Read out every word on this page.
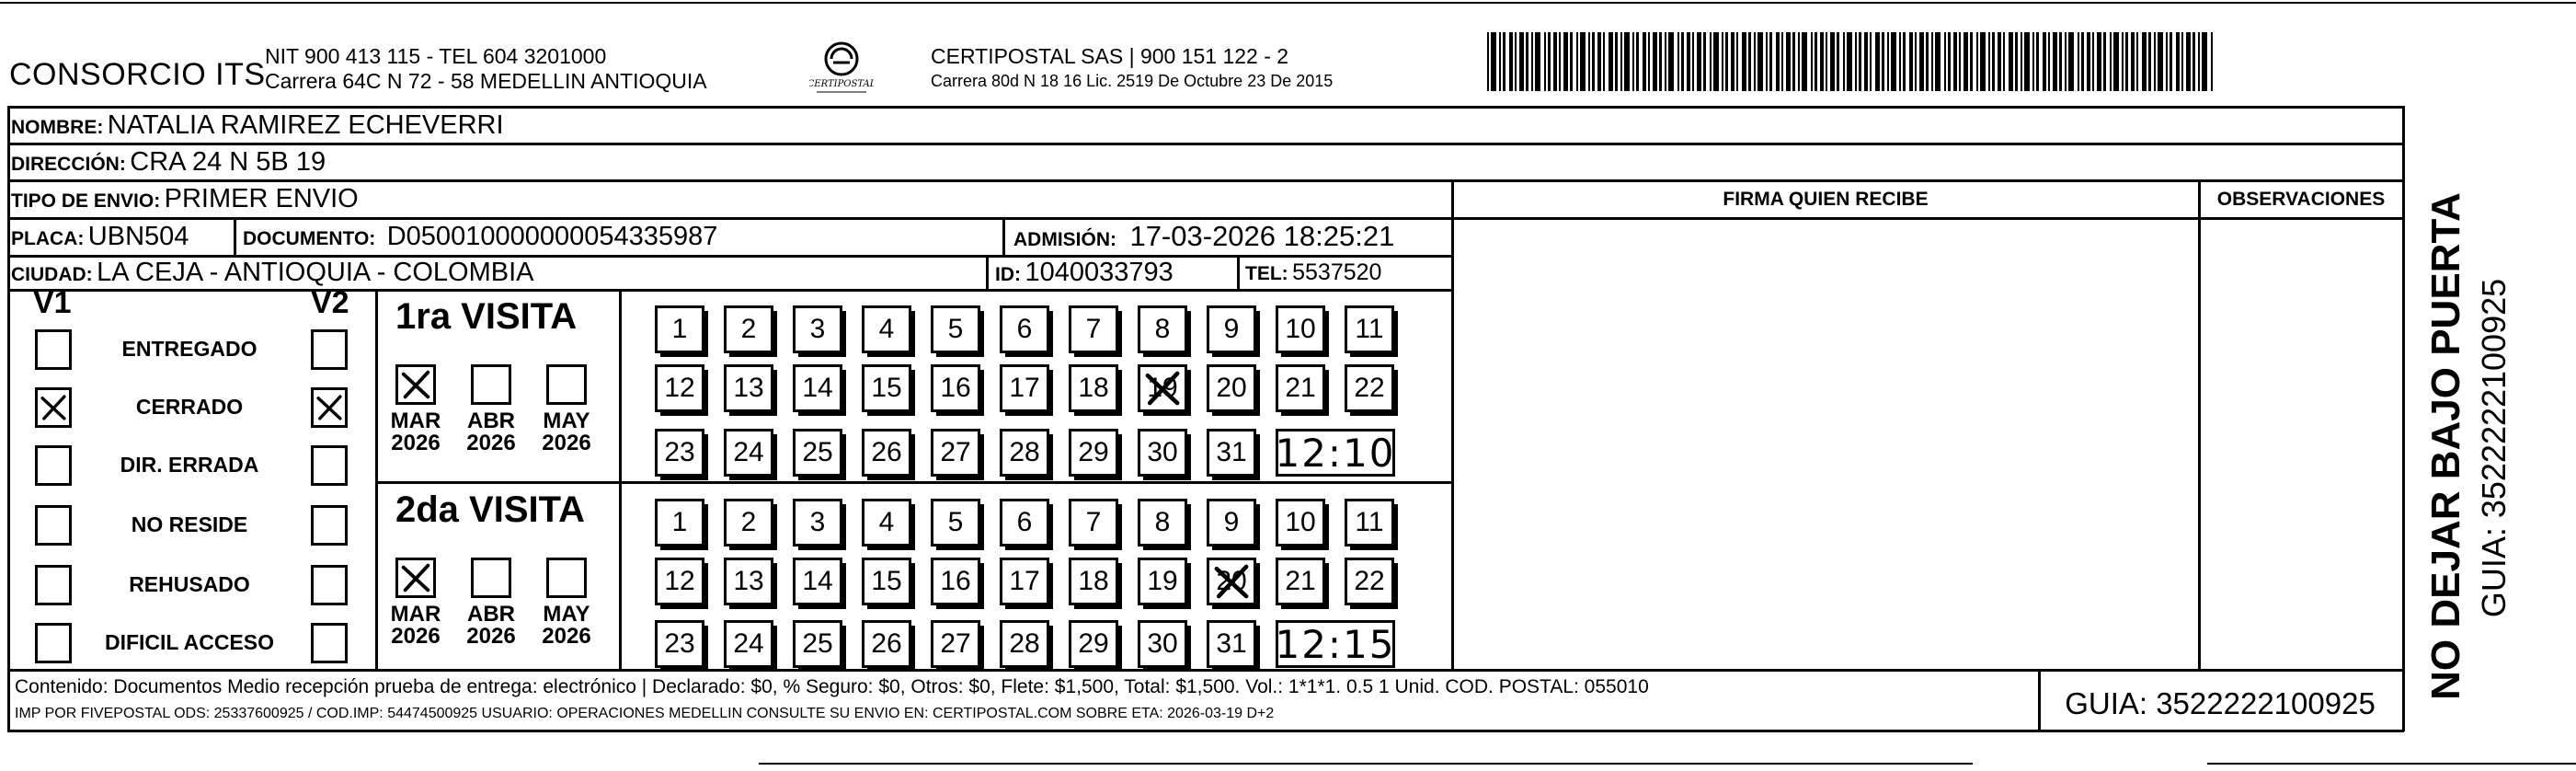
CONSORCIO ITS
NIT 900 413 115 - TEL 604 3201000
Carrera 64C N 72 - 58 MEDELLIN ANTIOQUIA	CERTIPOSTAL
CERTIPOSTAL SAS | 900 151 122 - 2
Carrera 80d N 18 16 Lic. 2519 De Octubre 23 De 2015
NOMBRE: NATALIA RAMIREZ ECHEVERRI
DIRECCIÓN: CRA 24 N 5B 19
TIPO DE ENVIO: PRIMER ENVIO	FIRMA QUIEN RECIBE	OBSERVACIONES
PLACA: UBN504	DOCUMENTO: D050010000000054335987	ADMISIÓN: 17-03-2026 18:25:21
CIUDAD: LA CEJA - ANTIOQUIA - COLOMBIA	ID: 1040033793	TEL: 5537520
V1	V2
ENTREGADO
CERRADO
DIR. ERRADA
NO RESIDE
REHUSADO
DIFICIL ACCESO
1ra VISITA
2da VISITA
MAR
2026
ABR
2026
MAY
2026
MAR
2026
ABR
2026
MAY
2026
1 2 3 4 5 6 7 8 9 10 11
12 13 14 15 16 17 18 19 20 21 22
23 24 25 26 27 28 29 30 31 12:10
1 2 3 4 5 6 7 8 9 10 11
12 13 14 15 16 17 18 19 20 21 22
23 24 25 26 27 28 29 30 31 12:15
Contenido: Documentos Medio recepción prueba de entrega: electrónico | Declarado: $0, % Seguro: $0, Otros: $0, Flete: $1,500, Total: $1,500. Vol.: 1*1*1. 0.5 1 Unid. COD. POSTAL: 055010
IMP POR FIVEPOSTAL ODS: 25337600925 / COD.IMP: 54474500925 USUARIO: OPERACIONES MEDELLIN CONSULTE SU ENVIO EN: CERTIPOSTAL.COM SOBRE ETA: 2026-03-19 D+2	GUIA: 3522222100925
NO DEJAR BAJO PUERTA GUIA: 3522222100925
